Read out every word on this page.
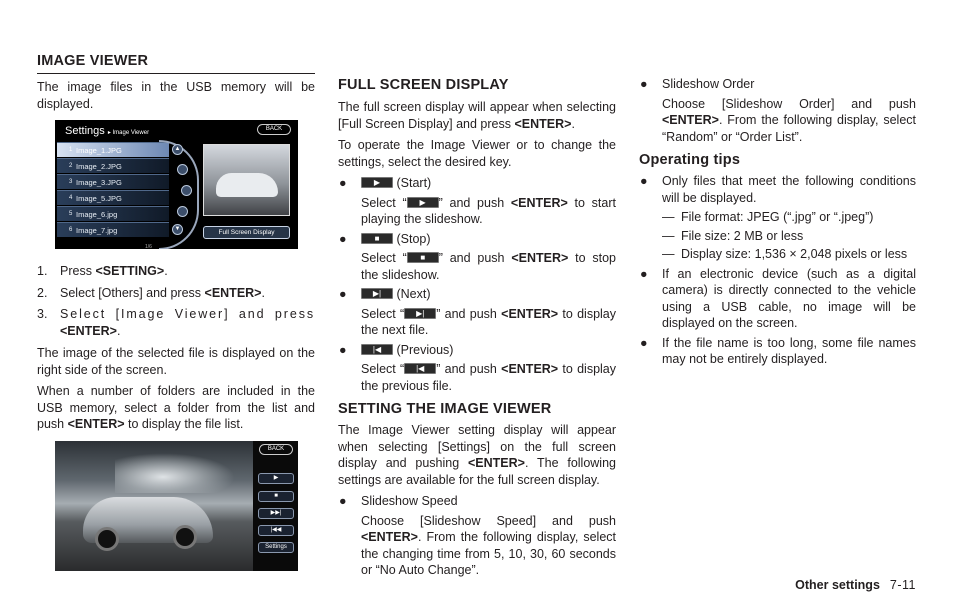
IMAGE VIEWER

The image files in the USB memory will be displayed.

Settings ▸ Image Viewer
BACK
1 Image_1.JPG
2 Image_2.JPG
3 Image_3.JPG
4 Image_5.JPG
5 Image_6.jpg
6 Image_7.jpg
▲
▼
1/6
Full Screen Display
1. Press <SETTING>.
2. Select [Others] and press <ENTER>.
3. Select [Image Viewer] and press <ENTER>.

The image of the selected file is displayed on the right side of the screen.

When a number of folders are included in the USB memory, select a folder from the list and push <ENTER> to display the file list.

BACK
▶
■
▶▶|
|◀◀
Settings
FULL SCREEN DISPLAY

The full screen display will appear when selecting [Full Screen Display] and press <ENTER>.

To operate the Image Viewer or to change the settings, select the desired key.

●	▶	(Start)
Select “	▶	” and push <ENTER> to start playing the slideshow.
●	■	(Stop)
Select “	■	” and push <ENTER> to stop the slideshow.
●	▶|	(Next)
Select “	▶| ” and push <ENTER> to display the next file.
●	|◀	(Previous)
Select “	|◀ ” and push <ENTER> to display the previous file.
SETTING THE IMAGE VIEWER

The Image Viewer setting display will appear when selecting [Settings] on the full screen display and pushing <ENTER>. The following settings are available for the full screen display.

● Slideshow Speed
Choose [Slideshow Speed] and push <ENTER>. From the following display, select the changing time from 5, 10, 30, 60 seconds or “No Auto Change”.
● Slideshow Order
Choose [Slideshow Order] and push <ENTER>. From the following display, select “Random” or “Order List”.
Operating tips
● Only files that meet the following conditions will be displayed.
— File format: JPEG (“.jpg” or “.jpeg”)
— File size: 2 MB or less
— Display size: 1,536 × 2,048 pixels or less
● If an electronic device (such as a digital camera) is directly connected to the vehicle using a USB cable, no image will be displayed on the screen.
● If the file name is too long, some file names may not be entirely displayed.
Other settings 7-11
